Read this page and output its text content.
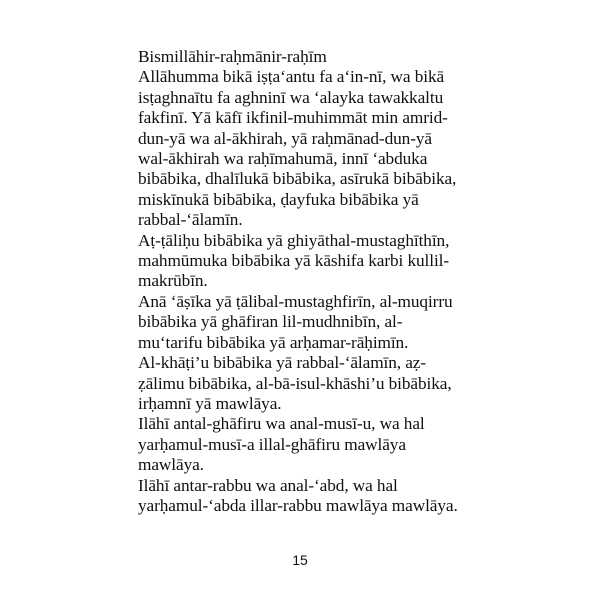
Bismillāhir-raḥmānir-raḥīm
Allāhumma bikā iṣṭa‘antu fa a‘in-nī, wa bikā
isṭaghnaītu fa aghninī wa ‘alayka tawakkaltu
fakfinī. Yā kāfī ikfinil-muhimmāt min amrid-
dun-yā wa al-ākhirah, yā raḥmānad-dun-yā
wal-ākhirah wa raḥīmahumā, innī ‘abduka
bibābika, dhalīlukā bibābika, asīrukā bibābika,
miskīnukā bibābika, ḍayfuka bibābika yā
rabbal-‘ālamīn.
Aṭ-ṭāliḥu bibābika yā ghiyāthal-mustaghīthīn,
mahmūmuka bibābika yā kāshifa karbi kullil-
makrūbīn.
Anā ‘āṣīka yā ṭālibal-mustaghfirīn, al-muqirru
bibābika yā ghāfiran lil-mudhnibīn, al-
mu‘tarifu bibābika yā arḥamar-rāḥimīn.
Al-khāṭi’u bibābika yā rabbal-‘ālamīn, aẓ-
ẓālimu bibābika, al-bā-isul-khāshi’u bibābika,
irḥamnī yā mawlāya.
Ilāhī antal-ghāfiru wa anal-musī-u, wa hal
yarḥamul-musī-a illal-ghāfiru mawlāya
mawlāya.
Ilāhī antar-rabbu wa anal-‘abd, wa hal
yarḥamul-‘abda illar-rabbu mawlāya mawlāya.
15
